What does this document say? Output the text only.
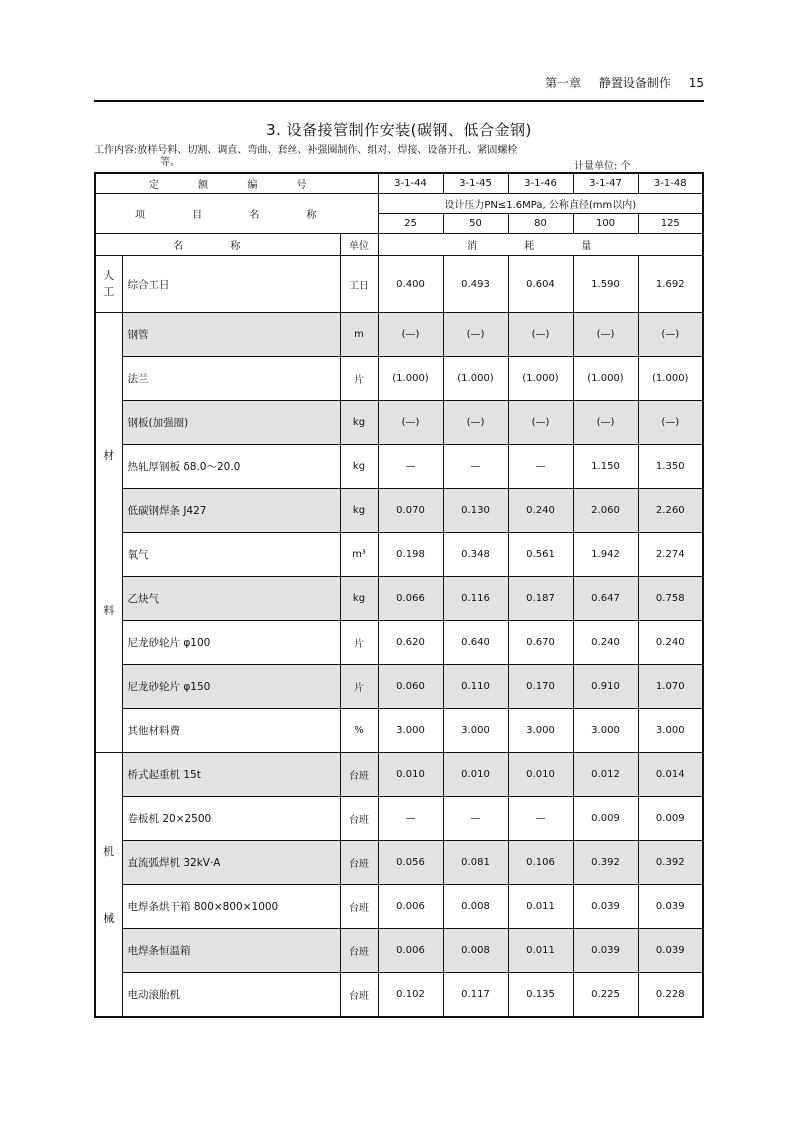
第一章 静置设备制作 15
3. 设备接管制作安装(碳钢、低合金钢)
工作内容:放样号料、切割、调直、弯曲、套丝、补强圈制作、组对、焊接、设备开孔、紧固螺栓
等。	计量单位: 个
定 额 编 号			3-1-44	3-1-45	3-1-46	3-1-47	3-1-48
项 目 名 称			设计压力PN≤1.6MPa, 公称直径(mm以内)				
			25	50	80	100	125
名 称		单位	消 耗 量				
人工	综合工日	工日	0.400	0.493	0.604	1.590	1.692

材
料	钢管	m	(—)	(—)	(—)	(—)	(—)
	法兰	片	(1.000)	(1.000)	(1.000)	(1.000)	(1.000)
	钢板(加强圈)	kg	(—)	(—)	(—)	(—)	(—)
	热轧厚钢板 δ8.0～20.0	kg	—	—	—	1.150	1.350
	低碳钢焊条 J427	kg	0.070	0.130	0.240	2.060	2.260
	氧气	m³	0.198	0.348	0.561	1.942	2.274
	乙炔气	kg	0.066	0.116	0.187	0.647	0.758
	尼龙砂轮片 φ100	片	0.620	0.640	0.670	0.240	0.240
	尼龙砂轮片 φ150	片	0.060	0.110	0.170	0.910	1.070
	其他材料费	%	3.000	3.000	3.000	3.000	3.000

机
械	桥式起重机 15t	台班	0.010	0.010	0.010	0.012	0.014
	卷板机 20×2500	台班	—	—	—	0.009	0.009
	直流弧焊机 32kV·A	台班	0.056	0.081	0.106	0.392	0.392
	电焊条烘干箱 800×800×1000	台班	0.006	0.008	0.011	0.039	0.039
	电焊条恒温箱	台班	0.006	0.008	0.011	0.039	0.039
	电动滚胎机	台班	0.102	0.117	0.135	0.225	0.228
